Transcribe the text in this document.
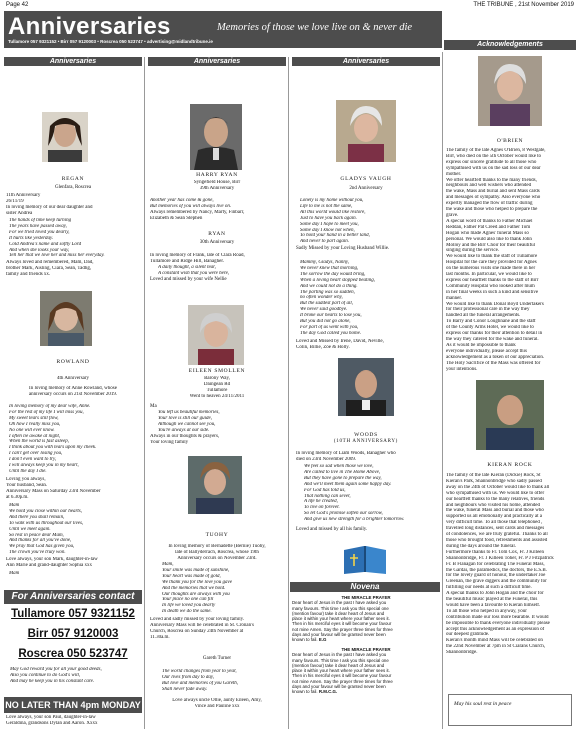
Page 42	THE TRIBUNE , 21st November 2019
Anniversaries	Memories of those we love live on & never die
Tullamore 057 9321152 • Birr 057 9120003 • Roscrea 050 523747 • advertising@midlandtribune.ie	Acknowledgements
Anniversaries	Anniversaries	Anniversaries
REGAN
Glenfara, Roscrea
11th Anniversary
26/11/19
In loving memory of our dear daughter and
sister Andrea
The hands of time keep turning
The years have passed away,
For we tried loved you dearly,
It hurts like yesterday.
Cold Andrea's name and softly Lord
And when she looks your way,
Tell her that we love her and miss her everyday.
Always loved and remembered, Mam, Dad,
brother Mark, Aisling, Ciara, Sean, Tadhg,
family and friends xx.
ROWLAND
4th Anniversary
In loving memory of Anne Rowland, whose
anniversary occurs on 21st November 2019.
In loving memory of my dear wife, Anne.
For the rest of my life I will miss you,
My sweet tears still flow,
Oh how I really miss you,
No one will ever know.
I often lie awake at night,
When the world is fast asleep,
I think about you with tears upon my cheek.
I can't get over losing you,
I don't even want to try,
I will always keep you in my heart,
Until the day I die.
Loving you always,
Your husband, Sean.
Anniversary Mass on Saturday 23rd November
at 6.30p.m.
Mam
We hold you close within our hearts,
And there you shall remain,
To walk with us throughout our lives,
Until we meet again.
So rest in peace dear Mam,
And thanks for all you've done,
We pray that God has given you,
The crown you've truly won.
Love always, your son Mark, daughter-in-law
Ann Marie and grand-daughter Sophia xxx
Mam
For Anniversaries contact
Tullamore 057 9321152
Birr 057 9120003
Roscrea 050 523747
May God reward you for all your good deeds,
Also you continue to do God's will,
And may he keep you in his constant care.
NO LATER THAN 4pm MONDAY
Love always, your son Paul, daughter-in-law
Geraldina, grandsons Dylan and Aaron. Xxxx
HARRY RYAN
Syngefield House, Birr
39th Anniversary
Another year has come & gone,
But memories of you will always live on.
Always remembered by Nancy, Marty, Finbarr,
Elizabeth & Sean Stephen
RYAN
30th Anniversary
In loving memory of Frank, late of Clara Road,
Tullamore and Ridge Hill, Banagher.
A daily thought, a silent tear,
A constant wish that you were here,
Loved and missed by your wife Nellie
EILEEN SMOLLEN
Barony Way,
Daingean Rd
Tullamore
Went to heaven 24/11/2011
Ma
You left us beautiful memories,
Your love is still our guide,
Although we cannot see you,
You're always at our side.
Always in our thoughts & prayers,
Your loving family
TUOHY
In loving memory of Bernadette (Bernie) Tuohy,
late of Ballyderrach, Roscrea, whose 19th
Anniversary occurs on November 23rd.
Mam,
Your smile was made of sunshine,
Your heart was made of gold,
We thank you for the love you gave
And the memories that we hold.
Our thoughts are always with you
Your place no one can fill
In life we loved you dearly
In death we do the same.
Loved and sadly missed by your loving family.
Anniversary Mass will be celebrated in St. Cronan's
Church, Roscrea on Sunday 24th November at
11.30a.m.
Gareth Turner
The world changes from year to year,
Our lives from day to day,
But love and memories of you Gareth,
Shall never fade away.
Love always uncle Ollie, aunty Eileen, Amy,
Vince and Pauline xxx
GLADYS VAUGH
2nd Anniversary
Lonely is my home without you,
Life to me is not the same,
All this world would like restore,
Just to have you back again.
Some day I hope to meet you,
Some day I know not when,
To hold your hand in a better land,
And never to part again.
Sadly Missed by your Loving Husband Willie.
Mammy, Gladys, Nanny,
We never knew that morning,
The sorrow the day would bring,
When a loving heart stopped beating,
And we could not do a thing.
The parting was so sudden,
no often wonder why,
But the saddest part of all,
We never said goodbye.
It broke our hearts to lose you,
But you did not go alone,
For part of us went with you,
The day God called you home.
Loved and Missed by Irene, David, Neville,
Colin, Billie, Zoe & Holly.
WOODS
(10TH ANNIVERSARY)
In loving memory of Liam Woods, Banagher who
died on 23rd November 2009.
We feel so sad when those we love,
Are called to live in The Home Above,
But they have gone to prepare the way,
And we'll meet them again some happy day.
For God has told us,
That nothing can sever,
A life he created,
To live on forever.
So let God's promise soften our sorrow,
And give us new strength for a brighter tomorrow.
Loved and missed by all his family.
Novena
THE MIRACLE PRAYER
Dear heart of Jesus in the past I have asked you
many favours. This time I ask you this special one
(mention favour) take it dear heart of Jesus and
place it within your heart where your father sees it.
Then in his merciful eyes it will become your favour
not mine Amen. Say the prayer three times for three
days and your favour will be granted never been
known to fail. E.G
THE MIRACLE PRAYER
Dear heart of Jesus in the past I have asked you
many favours. This time I ask you this special one
(mention favour) take it dear heart of Jesus and
place it within your heart where your father sees it.
Then in his merciful eyes it will become your favour
not mine Amen. Say the prayer three times for three
days and your favour will be granted never been
known to fail. R.M.C.G.
O'BRIEN
The family of the late Agnes O'Brien, 8 Westgate,
Birr, who died on the 5th October would like to
express our sincere gratitude to all those who
sympathised with us on the sad loss of our dear
mother.
We offer heartfelt thanks to the many friends,
neighbours and well wishers who attended
the wake, Mass and burial and sent Mass cards
and messages of sympathy. Also everyone who
expertly managed the flow of traffic during
the wake and those who helped to prepare the
grave.
A special word of thanks to Father Michael
Reddan, Father Pat Creed and Father Tom
Hogan who made Agnes' funeral Mass so
personal. We would also like to thank John
Molloy and the Birr Choir for their beautiful
singing during the service.
We would like to thank the staff of Tullamore
Hospital for the care they provided for Agnes
on the numerous visits she made there in her
last months. In particular, we would like to
express our heartfelt thanks to the staff of Birr
Community Hospital who looked after mum
in her final weeks in such a kind and sensitive
manner.
We would like to thank Donal Boyd Undertakers
for their professional care in the way they
handled all the funeral arrangements.
To Barry and Conor Loughnane and the staff
of the County Arms Hotel, we would like to
express our thanks for their attention to detail in
the way they catered for the wake and funeral.
As it would be impossible to thank
everyone individually, please accept this
acknowledgement as a token of our appreciation.
The Holy Sacrifice of the Mass was offered for
your intentions.
KIERAN ROCK
The family of the late Kieran (Dickie) Rock, St
Kieran's Park, Shannonbridge who sadly passed
away on the 24th of October would like to thank all
who sympathised with us. We would like to offer
our heartfelt thanks to the many relatives, friends
and neighbours who visited his home, attended
the wake, funeral Mass and burial and those who
supported us all emotionally and practically at a
very difficult time. To all those that telephoned ,
travelled long distances, sent cards and messages
of condolences, we are truly grateful. Thanks to all
those who brought food, refreshments and assisted
during the days around the funeral.
Furthermore thanks to Fr. Tom Cox, Fr. J Killeen
Shannonbridge, Fr. J Killeen Toher, Fr. P J Fitzpatrick
Fr. B Flanagan for celebrating The Funeral Mass,
the Gardai, the paramedics, the doctors, the E.S.B.
for the lovely guard of honour, the undertaker Joe
Greenan, the grave diggers and the community for
fulfilling our needs at such a difficult time.
A special thanks to John Hogan and the choir for
the beautiful music played at the Funeral, this
would have been a favourite to Kieran himself.
To all those who helped in anyway, your
contribution made our loss more bearable. It would
be impossible to thank everyone individually please
accept this acknowledgement as an expression of
our deepest gratitude.
Kieran's month mind Mass will be celebrated on
the 22nd November at 7pm in St Ciarans Church,
Shannonbridge.
May his soul rest in peace
